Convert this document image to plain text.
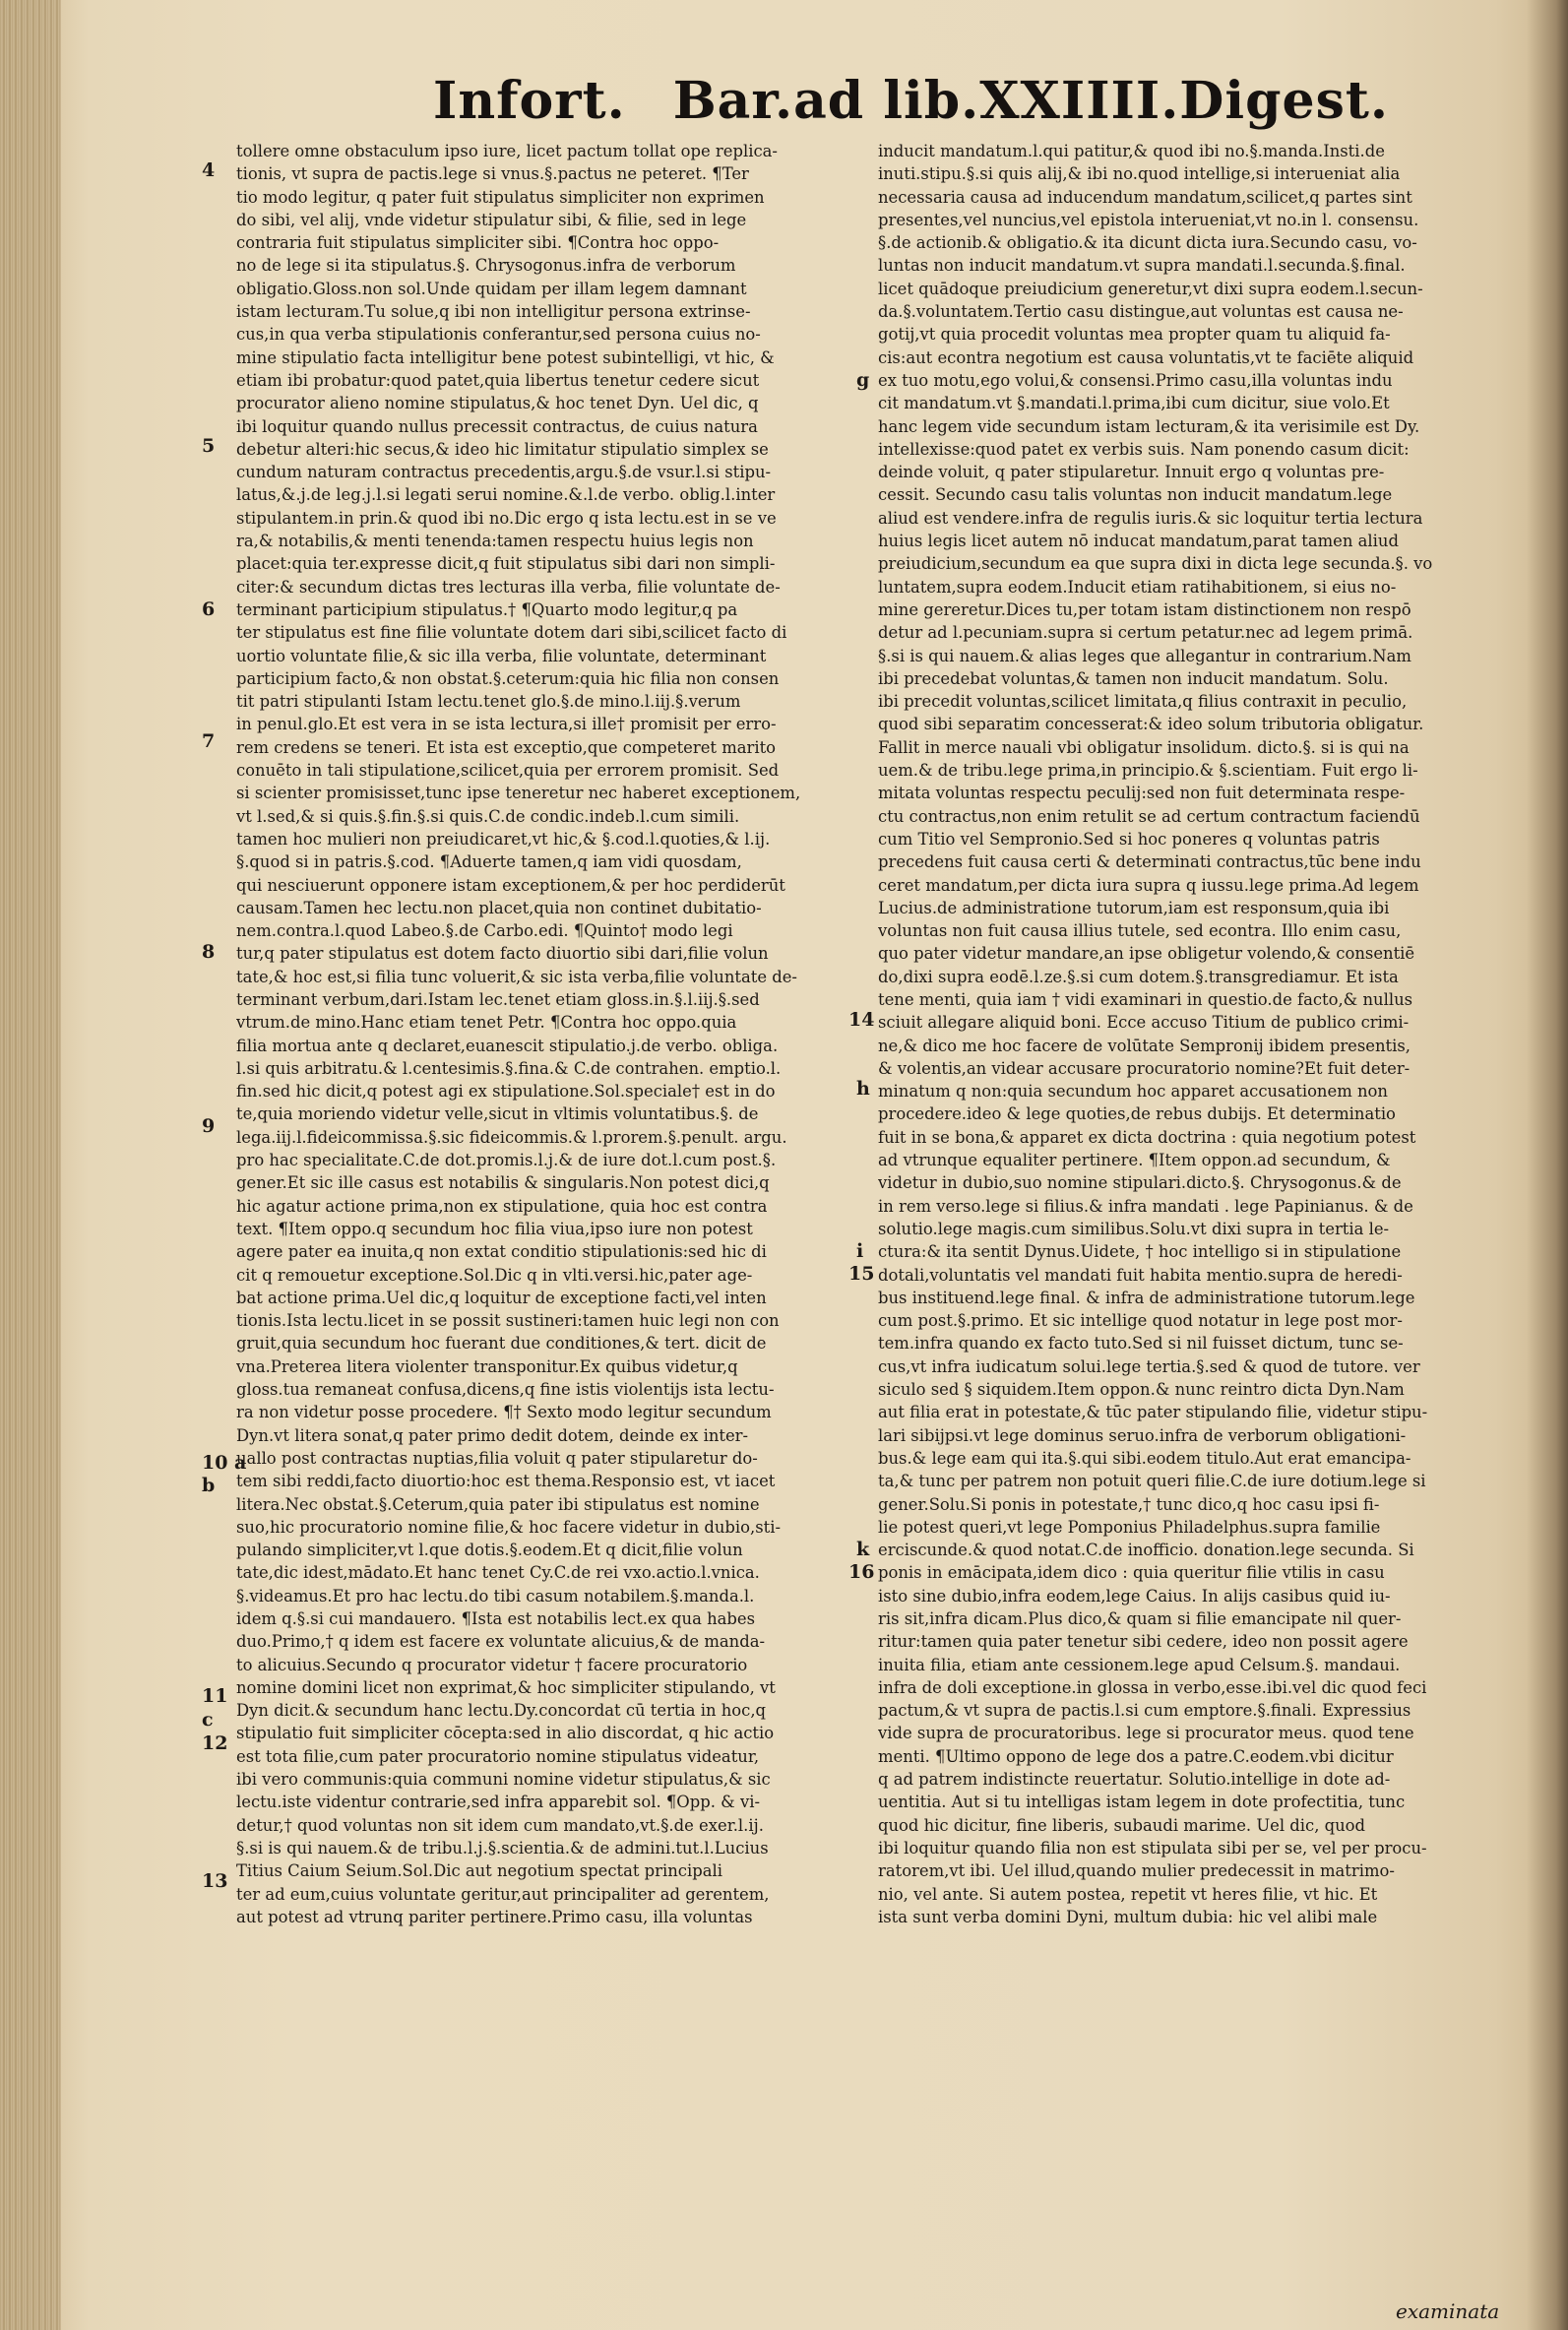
Infort. Bar.ad lib.XXIIII.Digest.
tollere omne obstaculum ipso iure, licet pactum tollat ope replica-
tionis, vt supra de pactis.lege si vnus.§.pactus ne peteret. ¶Ter
tio modo legitur, q pater fuit stipulatus simpliciter non exprimen
do sibi, vel alij, vnde videtur stipulatur sibi, & filie, sed in lege
contraria fuit stipulatus simpliciter sibi. ¶Contra hoc oppo-
no de lege si ita stipulatus.§. Chrysogonus.infra de verborum
obligatio.Gloss.non sol.Unde quidam per illam legem damnant
istam lecturam.Tu solue,q ibi non intelligitur persona extrinse-
cus,in qua verba stipulationis conferantur,sed persona cuius no-
mine stipulatio facta intelligitur bene potest subintelligi, vt hic, &
etiam ibi probatur:quod patet,quia libertus tenetur cedere sicut
procurator alieno nomine stipulatus,& hoc tenet Dyn. Uel dic, q
ibi loquitur quando nullus precessit contractus, de cuius natura
debetur alteri:hic secus,& ideo hic limitatur stipulatio simplex se
cundum naturam contractus precedentis,argu.§.de vsur.l.si stipu-
latus,&.j.de leg.j.l.si legati serui nomine.&.l.de verbo. oblig.l.inter
stipulantem.in prin.& quod ibi no.Dic ergo q ista lectu.est in se ve
ra,& notabilis,& menti tenenda:tamen respectu huius legis non
placet:quia ter.expresse dicit,q fuit stipulatus sibi dari non simpli-
citer:& secundum dictas tres lecturas illa verba, filie voluntate de-
terminant participium stipulatus.† ¶Quarto modo legitur,q pa
ter stipulatus est fine filie voluntate dotem dari sibi,scilicet facto di
uortio voluntate filie,& sic illa verba, filie voluntate, determinant
participium facto,& non obstat.§.ceterum:quia hic filia non consen
tit patri stipulanti Istam lectu.tenet glo.§.de mino.l.iij.§.verum
in penul.glo.Et est vera in se ista lectura,si ille† promisit per erro-
rem credens se teneri. Et ista est exceptio,que competeret marito
conuēto in tali stipulatione,scilicet,quia per errorem promisit. Sed
si scienter promisisset,tunc ipse teneretur nec haberet exceptionem,
vt l.sed,& si quis.§.fin.§.si quis.C.de condic.indeb.l.cum simili.
tamen hoc mulieri non preiudicaret,vt hic,& §.cod.l.quoties,& l.ij.
§.quod si in patris.§.cod. ¶Aduerte tamen,q iam vidi quosdam,
qui nesciuerunt opponere istam exceptionem,& per hoc perdiderūt
causam.Tamen hec lectu.non placet,quia non continet dubitatio-
nem.contra.l.quod Labeo.§.de Carbo.edi. ¶Quinto† modo legi
tur,q pater stipulatus est dotem facto diuortio sibi dari,filie volun
tate,& hoc est,si filia tunc voluerit,& sic ista verba,filie voluntate de-
terminant verbum,dari.Istam lec.tenet etiam gloss.in.§.l.iij.§.sed
vtrum.de mino.Hanc etiam tenet Petr. ¶Contra hoc oppo.quia
filia mortua ante q declaret,euanescit stipulatio.j.de verbo. obliga.
l.si quis arbitratu.& l.centesimis.§.fina.& C.de contrahen. emptio.l.
fin.sed hic dicit,q potest agi ex stipulatione.Sol.speciale† est in do
te,quia moriendo videtur velle,sicut in vltimis voluntatibus.§. de
lega.iij.l.fideicommissa.§.sic fideicommis.& l.prorem.§.penult. argu.
pro hac specialitate.C.de dot.promis.l.j.& de iure dot.l.cum post.§.
gener.Et sic ille casus est notabilis & singularis.Non potest dici,q
hic agatur actione prima,non ex stipulatione, quia hoc est contra
text. ¶Item oppo.q secundum hoc filia viua,ipso iure non potest
agere pater ea inuita,q non extat conditio stipulationis:sed hic di
cit q remouetur exceptione.Sol.Dic q in vlti.versi.hic,pater age-
bat actione prima.Uel dic,q loquitur de exceptione facti,vel inten
tionis.Ista lectu.licet in se possit sustineri:tamen huic legi non con
gruit,quia secundum hoc fuerant due conditiones,& tert. dicit de
vna.Preterea litera violenter transponitur.Ex quibus videtur,q
gloss.tua remaneat confusa,dicens,q fine istis violentijs ista lectu-
ra non videtur posse procedere. ¶† Sexto modo legitur secundum
Dyn.vt litera sonat,q pater primo dedit dotem, deinde ex inter-
uallo post contractas nuptias,filia voluit q pater stipularetur do-
tem sibi reddi,facto diuortio:hoc est thema.Responsio est, vt iacet
litera.Nec obstat.§.Ceterum,quia pater ibi stipulatus est nomine
suo,hic procuratorio nomine filie,& hoc facere videtur in dubio,sti-
pulando simpliciter,vt l.que dotis.§.eodem.Et q dicit,filie volun
tate,dic idest,mādato.Et hanc tenet Cy.C.de rei vxo.actio.l.vnica.
§.videamus.Et pro hac lectu.do tibi casum notabilem.§.manda.l.
idem q.§.si cui mandauero. ¶Ista est notabilis lect.ex qua habes
duo.Primo,† q idem est facere ex voluntate alicuius,& de manda-
to alicuius.Secundo q procurator videtur † facere procuratorio
nomine domini licet non exprimat,& hoc simpliciter stipulando, vt
Dyn dicit.& secundum hanc lectu.Dy.concordat cū tertia in hoc,q
stipulatio fuit simpliciter cōcepta:sed in alio discordat, q hic actio
est tota filie,cum pater procuratorio nomine stipulatus videatur,
ibi vero communis:quia communi nomine videtur stipulatus,& sic
lectu.iste videntur contrarie,sed infra apparebit sol. ¶Opp. & vi-
detur,† quod voluntas non sit idem cum mandato,vt.§.de exer.l.ij.
§.si is qui nauem.& de tribu.l.j.§.scientia.& de admini.tut.l.Lucius
Titius Caium Seium.Sol.Dic aut negotium spectat principali
ter ad eum,cuius voluntate geritur,aut principaliter ad gerentem,
aut potest ad vtrunq pariter pertinere.Primo casu, illa voluntas
inducit mandatum.l.qui patitur,& quod ibi no.§.manda.Insti.de
inuti.stipu.§.si quis alij,& ibi no.quod intellige,si interueniat alia
necessaria causa ad inducendum mandatum,scilicet,q partes sint
presentes,vel nuncius,vel epistola interueniat,vt no.in l. consensu.
§.de actionib.& obligatio.& ita dicunt dicta iura.Secundo casu, vo-
luntas non inducit mandatum.vt supra mandati.l.secunda.§.final.
licet quādoque preiudicium generetur,vt dixi supra eodem.l.secun-
da.§.voluntatem.Tertio casu distingue,aut voluntas est causa ne-
gotij,vt quia procedit voluntas mea propter quam tu aliquid fa-
cis:aut econtra negotium est causa voluntatis,vt te faciēte aliquid
ex tuo motu,ego volui,& consensi.Primo casu,illa voluntas indu
cit mandatum.vt §.mandati.l.prima,ibi cum dicitur, siue volo.Et
hanc legem vide secundum istam lecturam,& ita verisimile est Dy.
intellexisse:quod patet ex verbis suis. Nam ponendo casum dicit:
deinde voluit, q pater stipularetur. Innuit ergo q voluntas pre-
cessit. Secundo casu talis voluntas non inducit mandatum.lege
aliud est vendere.infra de regulis iuris.& sic loquitur tertia lectura
huius legis licet autem nō inducat mandatum,parat tamen aliud
preiudicium,secundum ea que supra dixi in dicta lege secunda.§. vo
luntatem,supra eodem.Inducit etiam ratihabitionem, si eius no-
mine gereretur.Dices tu,per totam istam distinctionem non respō
detur ad l.pecuniam.supra si certum petatur.nec ad legem primā.
§.si is qui nauem.& alias leges que allegantur in contrarium.Nam
ibi precedebat voluntas,& tamen non inducit mandatum. Solu.
ibi precedit voluntas,scilicet limitata,q filius contraxit in peculio,
quod sibi separatim concesserat:& ideo solum tributoria obligatur.
Fallit in merce nauali vbi obligatur insolidum. dicto.§. si is qui na
uem.& de tribu.lege prima,in principio.& §.scientiam. Fuit ergo li-
mitata voluntas respectu peculij:sed non fuit determinata respe-
ctu contractus,non enim retulit se ad certum contractum faciendū
cum Titio vel Sempronio.Sed si hoc poneres q voluntas patris
precedens fuit causa certi & determinati contractus,tūc bene indu
ceret mandatum,per dicta iura supra q iussu.lege prima.Ad legem
Lucius.de administratione tutorum,iam est responsum,quia ibi
voluntas non fuit causa illius tutele, sed econtra. Illo enim casu,
quo pater videtur mandare,an ipse obligetur volendo,& consentiē
do,dixi supra eodē.l.ze.§.si cum dotem.§.transgrediamur. Et ista
tene menti, quia iam † vidi examinari in questio.de facto,& nullus
sciuit allegare aliquid boni. Ecce accuso Titium de publico crimi-
ne,& dico me hoc facere de volūtate Sempronij ibidem presentis,
& volentis,an videar accusare procuratorio nomine?Et fuit deter-
minatum q non:quia secundum hoc apparet accusationem non
procedere.ideo & lege quoties,de rebus dubijs. Et determinatio
fuit in se bona,& apparet ex dicta doctrina : quia negotium potest
ad vtrunque equaliter pertinere. ¶Item oppon.ad secundum, &
videtur in dubio,suo nomine stipulari.dicto.§. Chrysogonus.& de
in rem verso.lege si filius.& infra mandati . lege Papinianus. & de
solutio.lege magis.cum similibus.Solu.vt dixi supra in tertia le-
ctura:& ita sentit Dynus.Uidete, † hoc intelligo si in stipulatione
dotali,voluntatis vel mandati fuit habita mentio.supra de heredi-
bus instituend.lege final. & infra de administratione tutorum.lege
cum post.§.primo. Et sic intellige quod notatur in lege post mor-
tem.infra quando ex facto tuto.Sed si nil fuisset dictum, tunc se-
cus,vt infra iudicatum solui.lege tertia.§.sed & quod de tutore. ver
siculo sed § siquidem.Item oppon.& nunc reintro dicta Dyn.Nam
aut filia erat in potestate,& tūc pater stipulando filie, videtur stipu-
lari sibijpsi.vt lege dominus seruo.infra de verborum obligationi-
bus.& lege eam qui ita.§.qui sibi.eodem titulo.Aut erat emancipa-
ta,& tunc per patrem non potuit queri filie.C.de iure dotium.lege si
gener.Solu.Si ponis in potestate,† tunc dico,q hoc casu ipsi fi-
lie potest queri,vt lege Pomponius Philadelphus.supra familie
erciscunde.& quod notat.C.de inofficio. donation.lege secunda. Si
ponis in emācipata,idem dico : quia queritur filie vtilis in casu
isto sine dubio,infra eodem,lege Caius. In alijs casibus quid iu-
ris sit,infra dicam.Plus dico,& quam si filie emancipate nil quer-
ritur:tamen quia pater tenetur sibi cedere, ideo non possit agere
inuita filia, etiam ante cessionem.lege apud Celsum.§. mandaui.
infra de doli exceptione.in glossa in verbo,esse.ibi.vel dic quod feci
pactum,& vt supra de pactis.l.si cum emptore.§.finali. Expressius
vide supra de procuratoribus. lege si procurator meus. quod tene
menti. ¶Ultimo oppono de lege dos a patre.C.eodem.vbi dicitur
q ad patrem indistincte reuertatur. Solutio.intellige in dote ad-
uentitia. Aut si tu intelligas istam legem in dote profectitia, tunc
quod hic dicitur, fine liberis, subaudi marime. Uel dic, quod
ibi loquitur quando filia non est stipulata sibi per se, vel per procu-
ratorem,vt ibi. Uel illud,quando mulier predecessit in matrimo-
nio, vel ante. Si autem postea, repetit vt heres filie, vt hic. Et
ista sunt verba domini Dyni, multum dubia: hic vel alibi male
4
5
6
7
8
9
10 a
b
11
c
12
13
g
14
h
i
15
k
16
examinata
